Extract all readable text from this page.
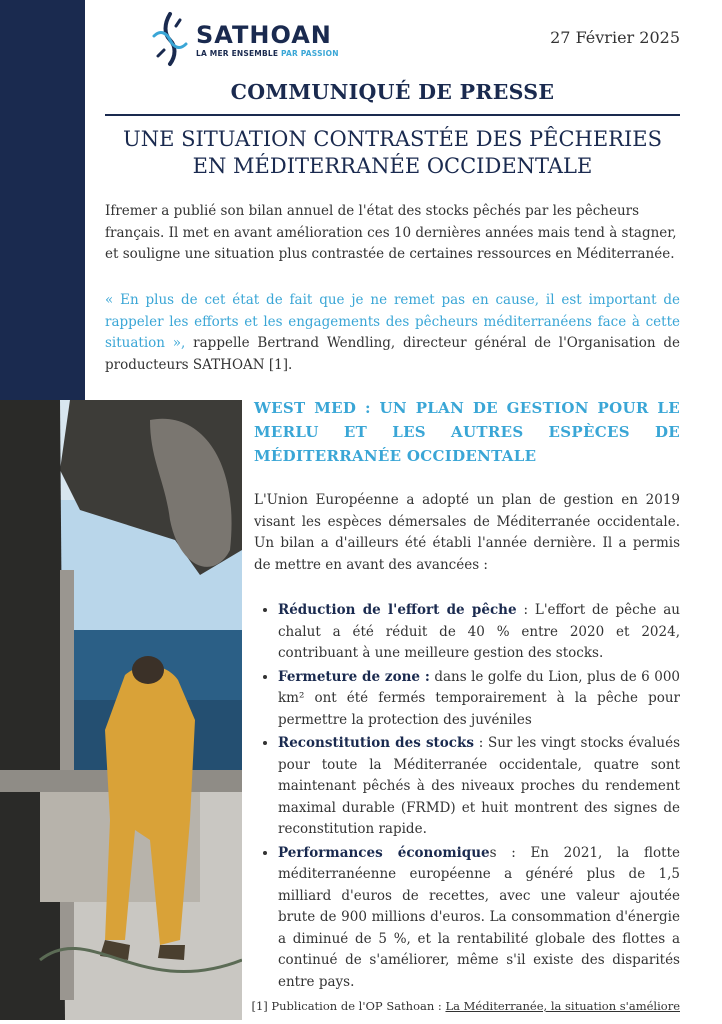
SATHOAN
LA MER ENSEMBLE PAR PASSION
27 Février 2025
COMMUNIQUÉ DE PRESSE
UNE SITUATION CONTRASTÉE DES PÊCHERIES
EN MÉDITERRANÉE OCCIDENTALE
Ifremer a publié son bilan annuel de l'état des stocks pêchés par les pêcheurs français. Il met en avant amélioration ces 10 dernières années mais tend à stagner, et souligne une situation plus contrastée de certaines ressources en Méditerranée.
« En plus de cet état de fait que je ne remet pas en cause, il est important de rappeler les efforts et les engagements des pêcheurs méditerranéens face à cette situation », rappelle Bertrand Wendling, directeur général de l'Organisation de producteurs SATHOAN [1].
WEST MED : UN PLAN DE GESTION POUR LE MERLU ET LES AUTRES ESPÈCES DE MÉDITERRANÉE OCCIDENTALE
L'Union Européenne a adopté un plan de gestion en 2019 visant les espèces démersales de Méditerranée occidentale. Un bilan a d'ailleurs été établi l'année dernière. Il a permis de mettre en avant des avancées :
• Réduction de l'effort de pêche : L'effort de pêche au chalut a été réduit de 40 % entre 2020 et 2024, contribuant à une meilleure gestion des stocks.
• Fermeture de zone : dans le golfe du Lion, plus de 6 000 km² ont été fermés temporairement à la pêche pour permettre la protection des juvéniles
• Reconstitution des stocks : Sur les vingt stocks évalués pour toute la Méditerranée occidentale, quatre sont maintenant pêchés à des niveaux proches du rendement maximal durable (FRMD) et huit montrent des signes de reconstitution rapide.
• Performances économiques : En 2021, la flotte méditerranéenne européenne a généré plus de 1,5 milliard d'euros de recettes, avec une valeur ajoutée brute de 900 millions d'euros. La consommation d'énergie a diminué de 5 %, et la rentabilité globale des flottes a continué de s'améliorer, même s'il existe des disparités entre pays.
[1] Publication de l'OP Sathoan : La Méditerranée, la situation s'améliore
